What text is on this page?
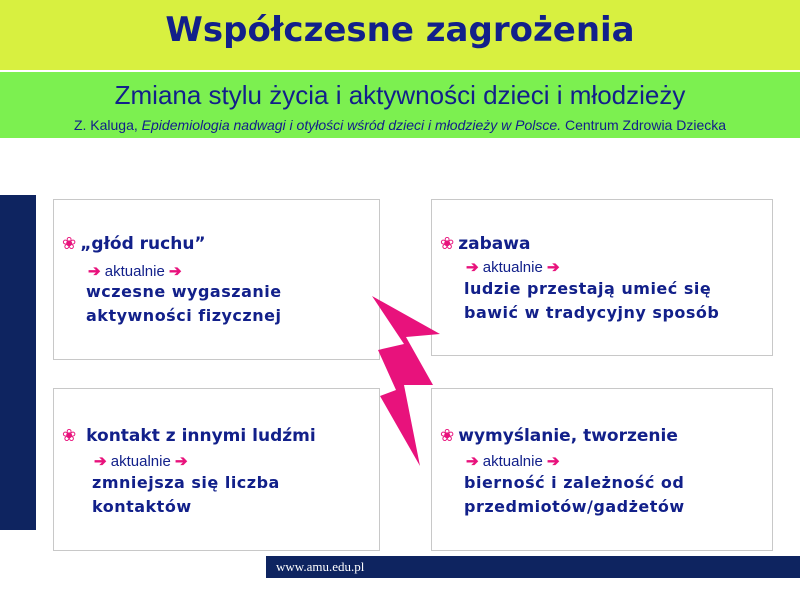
Współczesne zagrożenia
Zmiana stylu życia i aktywności dzieci i młodzieży
Z. Kaluga, Epidemiologia nadwagi i otyłości wśród dzieci i młodzieży w Polsce. Centrum Zdrowia Dziecka
❀ „głód ruchu”
➔ aktualnie ➔
wczesne wygaszanie
aktywności fizycznej
❀ zabawa
➔ aktualnie ➔
ludzie przestają umieć się
bawić w tradycyjny sposób
❀ kontakt z innymi ludźmi
➔ aktualnie ➔
zmniejsza się liczba
kontaktów
❀ wymyślanie, tworzenie
➔ aktualnie ➔
bierność i zależność od
przedmiotów/gadżetów
www.amu.edu.pl
